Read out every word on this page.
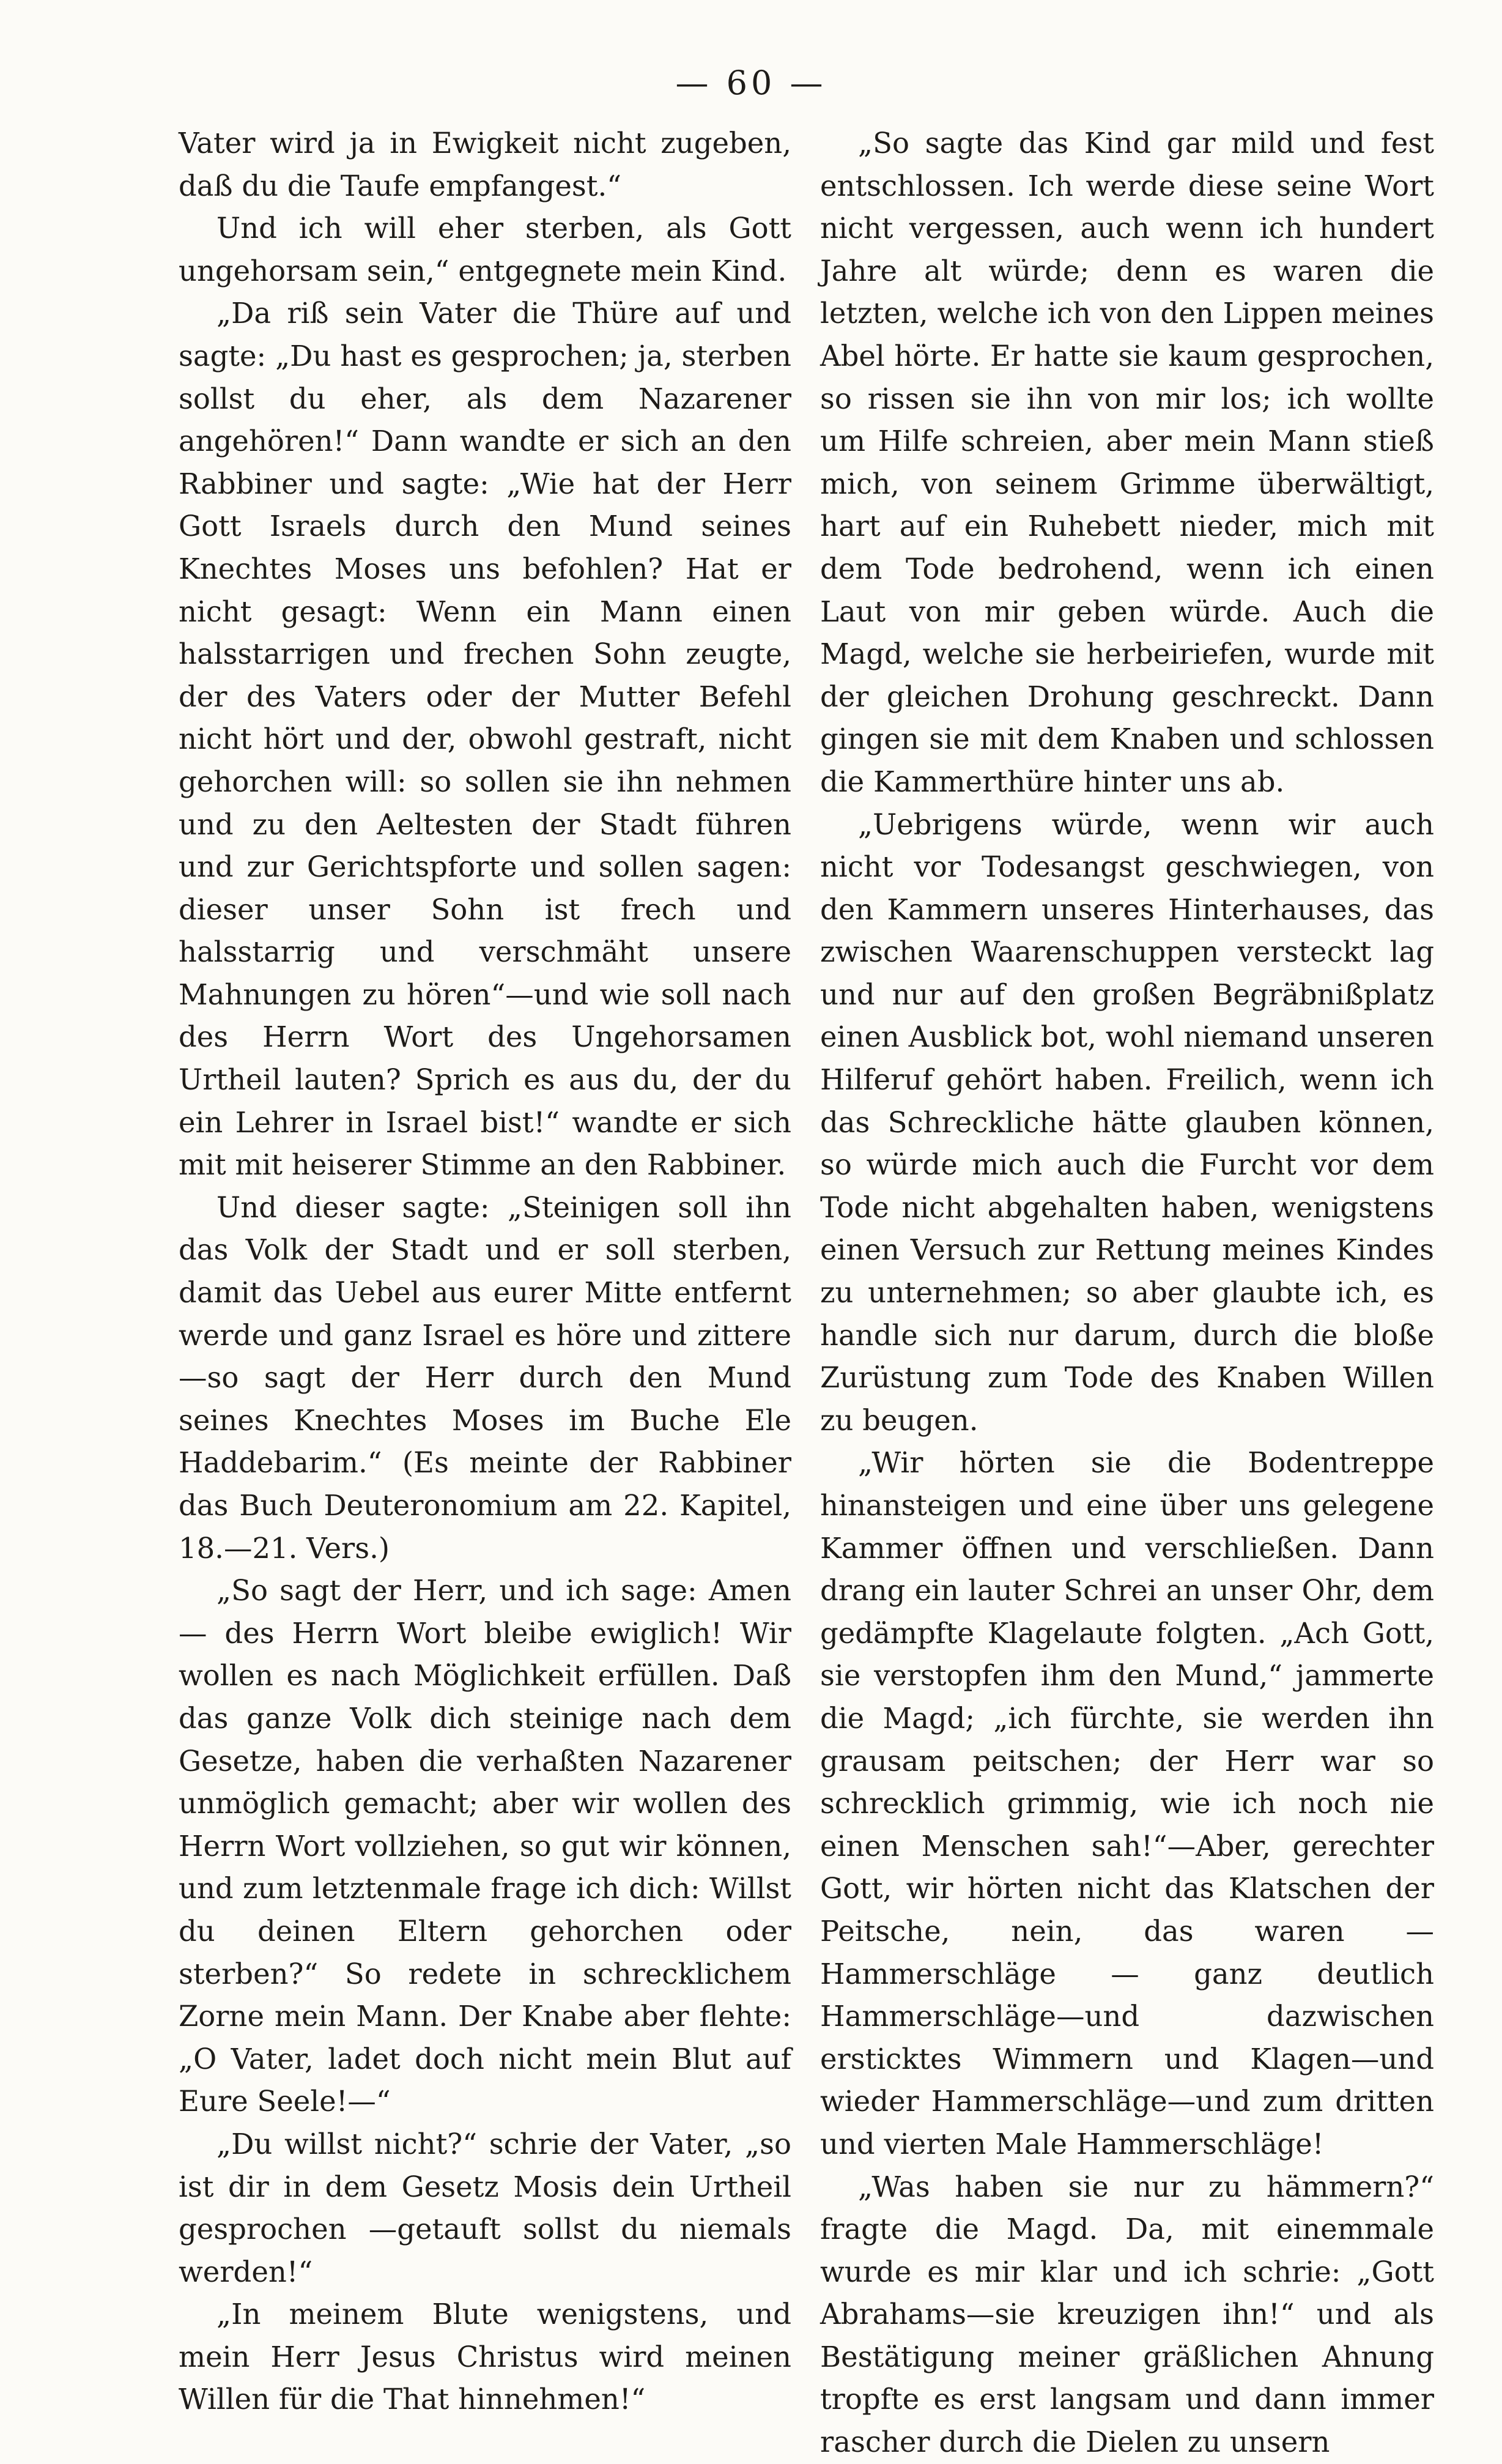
— 60 —

Vater wird ja in Ewigkeit nicht zugeben, daß du die Taufe empfangest.“

Und ich will eher sterben, als Gott ungehorsam sein,“ entgegnete mein Kind.

„Da riß sein Vater die Thüre auf und sagte: „Du hast es gesprochen; ja, sterben sollst du eher, als dem Nazarener angehören!“ Dann wandte er sich an den Rabbiner und sagte: „Wie hat der Herr Gott Israels durch den Mund seines Knechtes Moses uns befohlen? Hat er nicht gesagt: Wenn ein Mann einen halsstarrigen und frechen Sohn zeugte, der des Vaters oder der Mutter Befehl nicht hört und der, obwohl gestraft, nicht gehorchen will: so sollen sie ihn nehmen und zu den Aeltesten der Stadt führen und zur Gerichtspforte und sollen sagen: dieser unser Sohn ist frech und halsstarrig und verschmäht unsere Mahnungen zu hören“—und wie soll nach des Herrn Wort des Ungehorsamen Urtheil lauten? Sprich es aus du, der du ein Lehrer in Israel bist!“ wandte er sich mit mit heiserer Stimme an den Rabbiner.

Und dieser sagte: „Steinigen soll ihn das Volk der Stadt und er soll sterben, damit das Uebel aus eurer Mitte entfernt werde und ganz Israel es höre und zittere—so sagt der Herr durch den Mund seines Knechtes Moses im Buche Ele Haddebarim.“ (Es meinte der Rabbiner das Buch Deuteronomium am 22. Kapitel, 18.—21. Vers.)

„So sagt der Herr, und ich sage: Amen— des Herrn Wort bleibe ewiglich! Wir wollen es nach Möglichkeit erfüllen. Daß das ganze Volk dich steinige nach dem Gesetze, haben die verhaßten Nazarener unmöglich gemacht; aber wir wollen des Herrn Wort vollziehen, so gut wir können, und zum letztenmale frage ich dich: Willst du deinen Eltern gehorchen oder sterben?“ So redete in schrecklichem Zorne mein Mann. Der Knabe aber flehte: „O Vater, ladet doch nicht mein Blut auf Eure Seele!—“

„Du willst nicht?“ schrie der Vater, „so ist dir in dem Gesetz Mosis dein Urtheil gesprochen —getauft sollst du niemals werden!“

„In meinem Blute wenigstens, und mein Herr Jesus Christus wird meinen Willen für die That hinnehmen!“

„So sagte das Kind gar mild und fest entschlossen. Ich werde diese seine Wort nicht vergessen, auch wenn ich hundert Jahre alt würde; denn es waren die letzten, welche ich von den Lippen meines Abel hörte. Er hatte sie kaum gesprochen, so rissen sie ihn von mir los; ich wollte um Hilfe schreien, aber mein Mann stieß mich, von seinem Grimme überwältigt, hart auf ein Ruhebett nieder, mich mit dem Tode bedrohend, wenn ich einen Laut von mir geben würde. Auch die Magd, welche sie herbeiriefen, wurde mit der gleichen Drohung geschreckt. Dann gingen sie mit dem Knaben und schlossen die Kammerthüre hinter uns ab.

„Uebrigens würde, wenn wir auch nicht vor Todesangst geschwiegen, von den Kammern unseres Hinterhauses, das zwischen Waarenschuppen versteckt lag und nur auf den großen Begräbnißplatz einen Ausblick bot, wohl niemand unseren Hilferuf gehört haben. Freilich, wenn ich das Schreckliche hätte glauben können, so würde mich auch die Furcht vor dem Tode nicht abgehalten haben, wenigstens einen Versuch zur Rettung meines Kindes zu unternehmen; so aber glaubte ich, es handle sich nur darum, durch die bloße Zurüstung zum Tode des Knaben Willen zu beugen.

„Wir hörten sie die Bodentreppe hinansteigen und eine über uns gelegene Kammer öffnen und verschließen. Dann drang ein lauter Schrei an unser Ohr, dem gedämpfte Klagelaute folgten. „Ach Gott, sie verstopfen ihm den Mund,“ jammerte die Magd; „ich fürchte, sie werden ihn grausam peitschen; der Herr war so schrecklich grimmig, wie ich noch nie einen Menschen sah!“—Aber, gerechter Gott, wir hörten nicht das Klatschen der Peitsche, nein, das waren — Hammerschläge — ganz deutlich Hammerschläge—und dazwischen ersticktes Wimmern und Klagen—und wieder Hammerschläge—und zum dritten und vierten Male Hammerschläge!

„Was haben sie nur zu hämmern?“ fragte die Magd. Da, mit einemmale wurde es mir klar und ich schrie: „Gott Abrahams—sie kreuzigen ihn!“ und als Bestätigung meiner gräßlichen Ahnung tropfte es erst langsam und dann immer rascher durch die Dielen zu unsern
